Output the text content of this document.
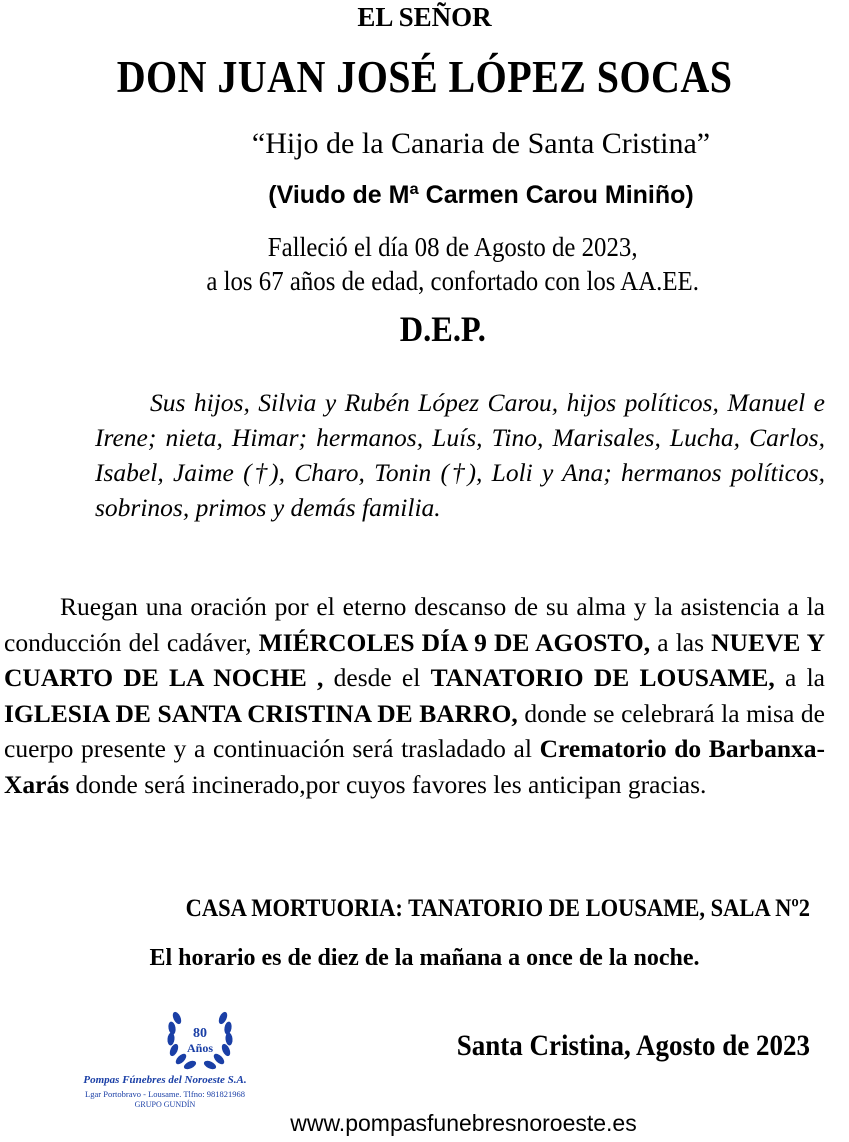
EL SEÑOR
DON JUAN JOSÉ LÓPEZ SOCAS
“Hijo de la Canaria de Santa Cristina”
(Viudo de Mª Carmen Carou Miniño)
Falleció el día 08 de Agosto de 2023,
a los 67 años de edad, confortado con los AA.EE.
D.E.P.
Sus hijos, Silvia y Rubén López Carou, hijos políticos, Manuel e Irene; nieta, Himar; hermanos, Luís, Tino, Marisales, Lucha, Carlos, Isabel, Jaime (†), Charo, Tonin (†), Loli y Ana; hermanos políticos, sobrinos, primos y demás familia.
Ruegan una oración por el eterno descanso de su alma y la asistencia a la conducción del cadáver, MIÉRCOLES DÍA 9 DE AGOSTO, a las NUEVE Y CUARTO DE LA NOCHE , desde el TANATORIO DE LOUSAME, a la IGLESIA DE SANTA CRISTINA DE BARRO, donde se celebrará la misa de cuerpo presente y a continuación será trasladado al Crematorio do Barbanxa-Xarás donde será incinerado,por cuyos favores les anticipan gracias.
CASA MORTUORIA: TANATORIO DE LOUSAME, SALA Nº2
El horario es de diez de la mañana a once de la noche.
80
Años
Pompas Fúnebres del Noroeste S.A.
Lgar Portobravo - Lousame. Tlfno: 981821968
GRUPO GUNDÍN
Santa Cristina, Agosto de 2023
www.pompasfunebresnoroeste.es
